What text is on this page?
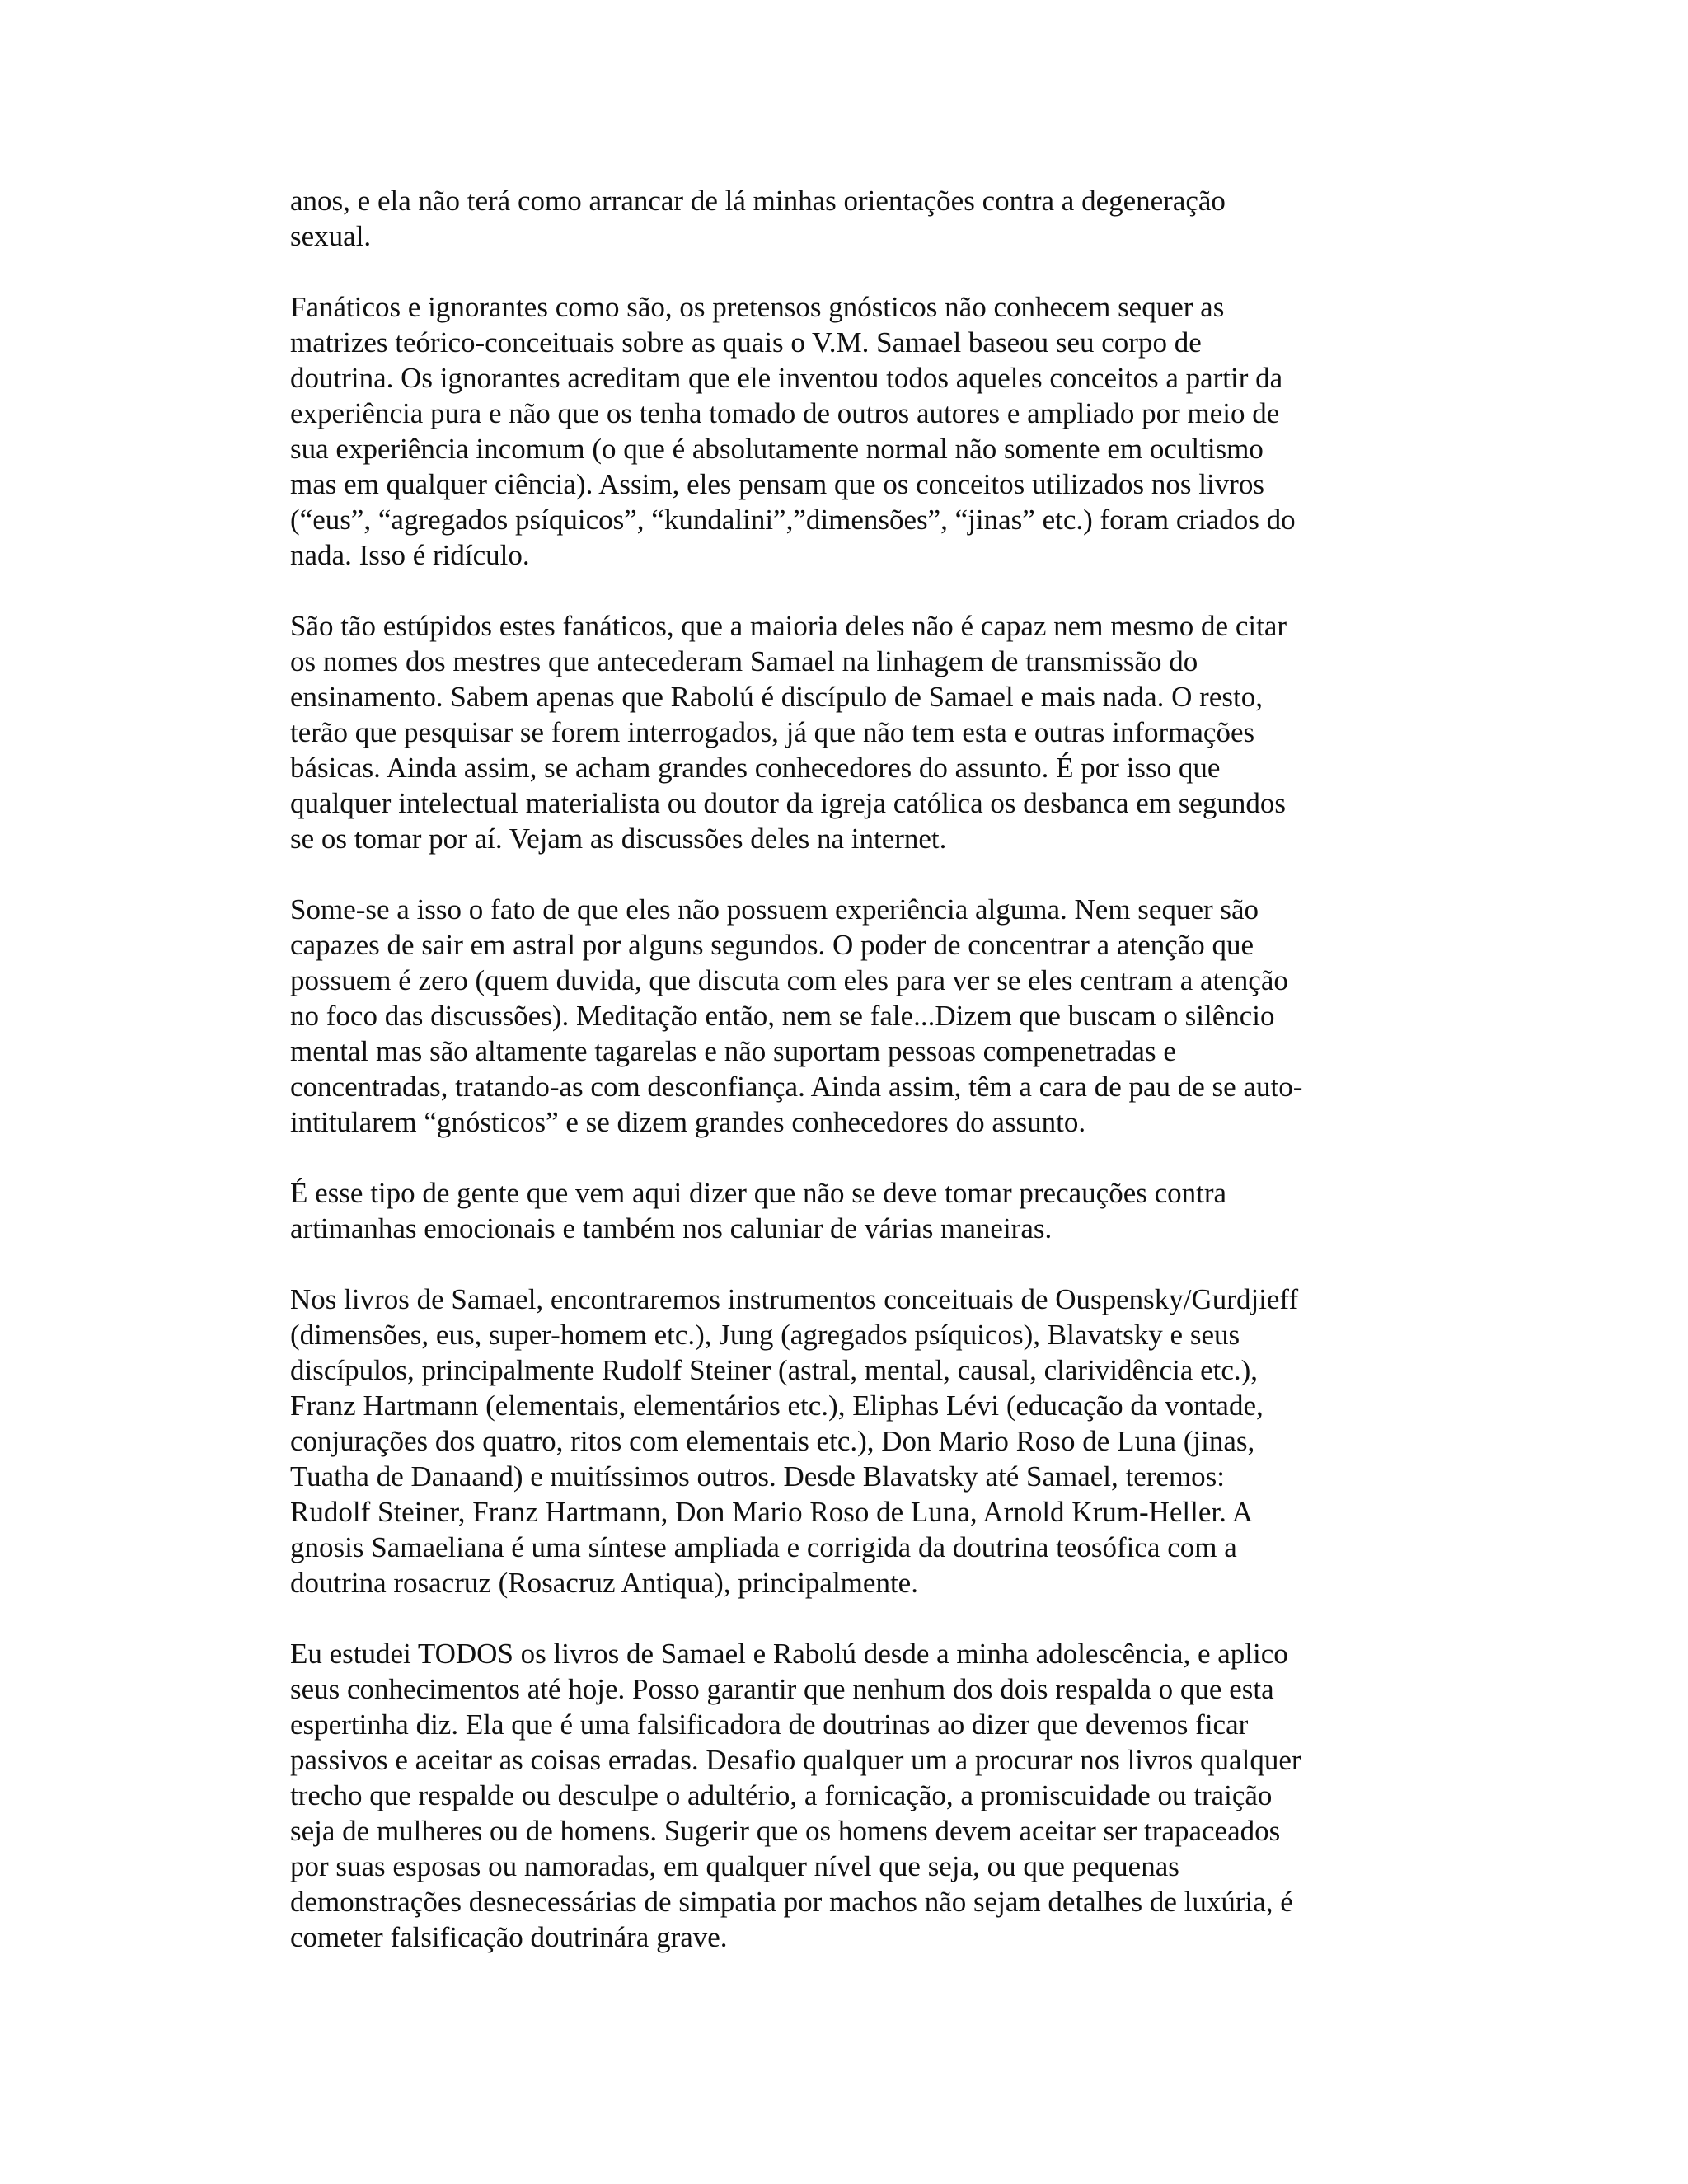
anos, e ela não terá como arrancar de lá minhas orientações contra a degeneração
sexual.

Fanáticos e ignorantes como são, os pretensos gnósticos não conhecem sequer as
matrizes teórico-conceituais sobre as quais o V.M. Samael baseou seu corpo de
doutrina. Os ignorantes acreditam que ele inventou todos aqueles conceitos a partir da
experiência pura e não que os tenha tomado de outros autores e ampliado por meio de
sua experiência incomum (o que é absolutamente normal não somente em ocultismo
mas em qualquer ciência). Assim, eles pensam que os conceitos utilizados nos livros
(“eus”, “agregados psíquicos”, “kundalini”,”dimensões”, “jinas” etc.) foram criados do
nada. Isso é ridículo.

São tão estúpidos estes fanáticos, que a maioria deles não é capaz nem mesmo de citar
os nomes dos mestres que antecederam Samael na linhagem de transmissão do
ensinamento. Sabem apenas que Rabolú é discípulo de Samael e mais nada. O resto,
terão que pesquisar se forem interrogados, já que não tem esta e outras informações
básicas. Ainda assim, se acham grandes conhecedores do assunto. É por isso que
qualquer intelectual materialista ou doutor da igreja católica os desbanca em segundos
se os tomar por aí. Vejam as discussões deles na internet.

Some-se a isso o fato de que eles não possuem experiência alguma. Nem sequer são
capazes de sair em astral por alguns segundos. O poder de concentrar a atenção que
possuem é zero (quem duvida, que discuta com eles para ver se eles centram a atenção
no foco das discussões). Meditação então, nem se fale...Dizem que buscam o silêncio
mental mas são altamente tagarelas e não suportam pessoas compenetradas e
concentradas, tratando-as com desconfiança. Ainda assim, têm a cara de pau de se auto-
intitularem “gnósticos” e se dizem grandes conhecedores do assunto.

É esse tipo de gente que vem aqui dizer que não se deve tomar precauções contra
artimanhas emocionais e também nos caluniar de várias maneiras.

Nos livros de Samael, encontraremos instrumentos conceituais de Ouspensky/Gurdjieff
(dimensões, eus, super-homem etc.), Jung (agregados psíquicos), Blavatsky e seus
discípulos, principalmente Rudolf Steiner (astral, mental, causal, clarividência etc.),
Franz Hartmann (elementais, elementários etc.), Eliphas Lévi (educação da vontade,
conjurações dos quatro, ritos com elementais etc.), Don Mario Roso de Luna (jinas,
Tuatha de Danaand) e muitíssimos outros. Desde Blavatsky até Samael, teremos:
Rudolf Steiner, Franz Hartmann, Don Mario Roso de Luna, Arnold Krum-Heller. A
gnosis Samaeliana é uma síntese ampliada e corrigida da doutrina teosófica com a
doutrina rosacruz (Rosacruz Antiqua), principalmente.

Eu estudei TODOS os livros de Samael e Rabolú desde a minha adolescência, e aplico
seus conhecimentos até hoje. Posso garantir que nenhum dos dois respalda o que esta
espertinha diz. Ela que é uma falsificadora de doutrinas ao dizer que devemos ficar
passivos e aceitar as coisas erradas. Desafio qualquer um a procurar nos livros qualquer
trecho que respalde ou desculpe o adultério, a fornicação, a promiscuidade ou traição
seja de mulheres ou de homens. Sugerir que os homens devem aceitar ser trapaceados
por suas esposas ou namoradas, em qualquer nível que seja, ou que pequenas
demonstrações desnecessárias de simpatia por machos não sejam detalhes de luxúria, é
cometer falsificação doutrinára grave.
